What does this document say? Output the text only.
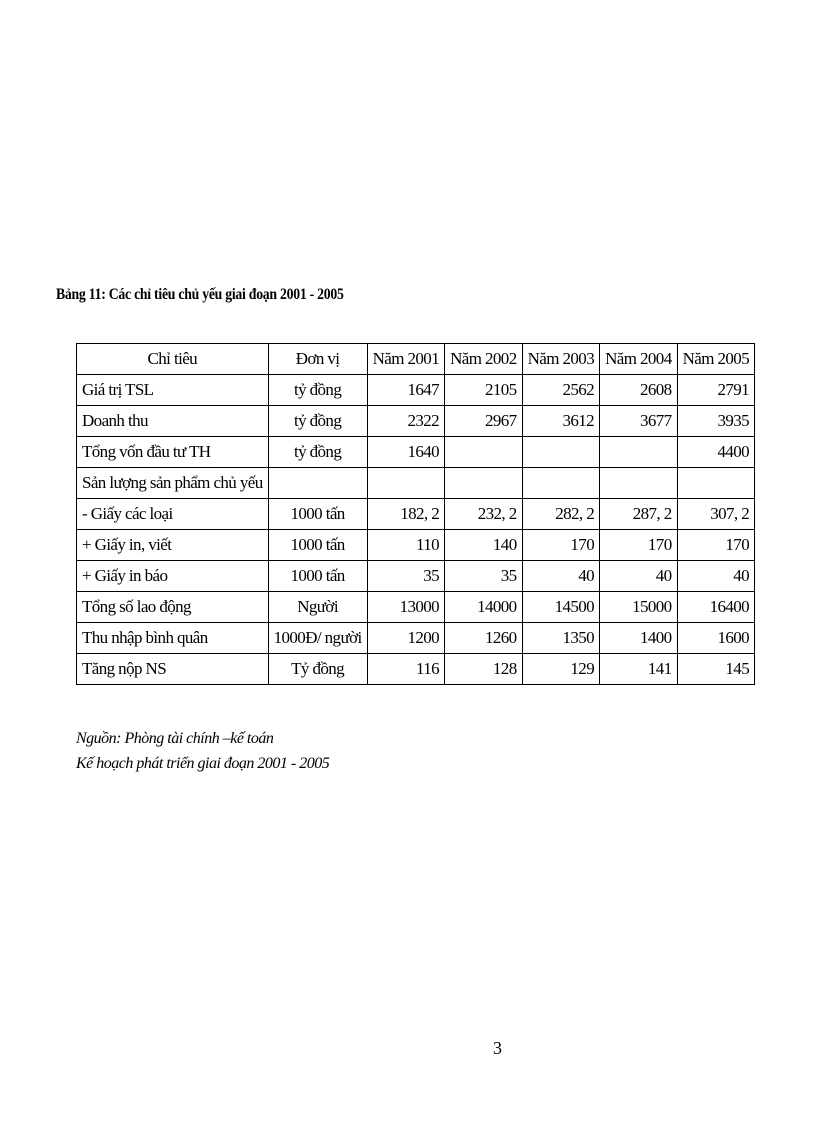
Bảng 11: Các chỉ tiêu chủ yếu giai đoạn 2001 - 2005
Chỉ tiêu	Đơn vị	Năm 2001	Năm 2002	Năm 2003	Năm 2004	Năm 2005
Giá trị TSL	tỷ đồng	1647	2105	2562	2608	2791
Doanh thu	tỷ đồng	2322	2967	3612	3677	3935
Tổng vốn đầu tư TH	tỷ đồng	1640				4400
Sản lượng sản phẩm chủ yếu						
- Giấy các loại	1000 tấn	182, 2	232, 2	282, 2	287, 2	307, 2
+ Giấy in, viết	1000 tấn	110	140	170	170	170
+ Giấy in báo	1000 tấn	35	35	40	40	40
Tổng số lao động	Người	13000	14000	14500	15000	16400
Thu nhập bình quân	1000Đ/ người	1200	1260	1350	1400	1600
Tăng nộp NS	Tỷ đồng	116	128	129	141	145
Nguồn: Phòng tài chính –kế toán
Kế hoạch phát triển giai đoạn 2001 - 2005
3
